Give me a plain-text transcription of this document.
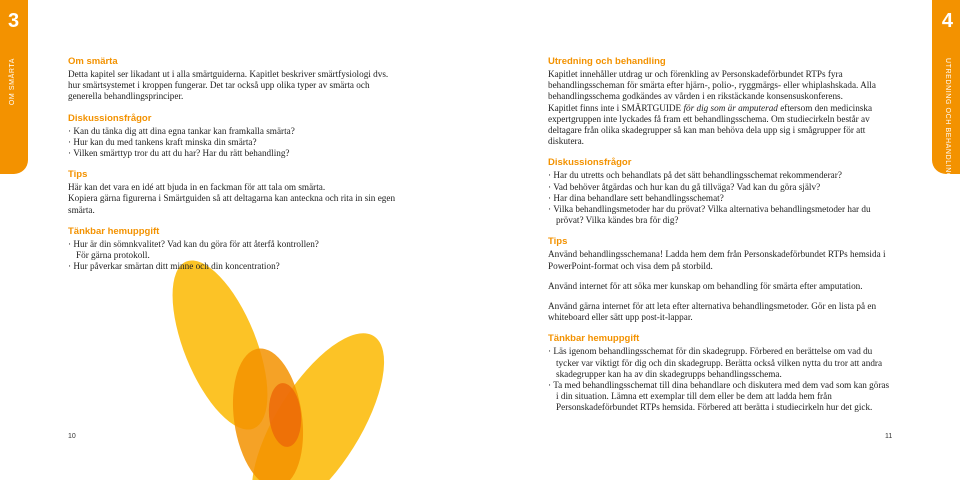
3
OM SMÄRTA
4
UTREDNING OCH BEHANDLING
Om smärta

Detta kapitel ser likadant ut i alla smärtguiderna. Kapitlet beskriver smärtfysiologi dvs. hur smärtsystemet i kroppen fungerar. Det tar också upp olika typer av smärta och generella behandlingsprinciper.

Diskussionsfrågor
· Kan du tänka dig att dina egna tankar kan framkalla smärta?
· Hur kan du med tankens kraft minska din smärta?
· Vilken smärttyp tror du att du har? Har du rätt behandling?
Tips

Här kan det vara en idé att bjuda in en fackman för att tala om smärta.

Kopiera gärna figurerna i Smärtguiden så att deltagarna kan anteckna och rita in sin egen smärta.

Tänkbar hemuppgift
· Hur är din sömnkvalitet? Vad kan du göra för att återfå kontrollen?
För gärna protokoll.
· Hur påverkar smärtan ditt minne och din koncentration?
Utredning och behandling

Kapitlet innehåller utdrag ur och förenkling av Personskadeförbundet RTPs fyra behandlingsscheman för smärta efter hjärn-, polio-, ryggmärgs- eller whiplashskada. Alla behandlingsschema godkändes av vården i en rikstäckande konsensuskonferens.

Kapitlet finns inte i SMÄRTGUIDE för dig som är amputerad eftersom den medicinska expertgruppen inte lyckades få fram ett behandlingsschema. Om studiecirkeln består av deltagare från olika skadegrupper så kan man behöva dela upp sig i smågrupper för att diskutera.

Diskussionsfrågor
· Har du utretts och behandlats på det sätt behandlingsschemat rekommenderar?
· Vad behöver åtgärdas och hur kan du gå tillväga? Vad kan du göra själv?
· Har dina behandlare sett behandlingsschemat?
· Vilka behandlingsmetoder har du prövat? Vilka alternativa behandlingsmetoder har du prövat? Vilka kändes bra för dig?
Tips

Använd behandlingsschemana! Ladda hem dem från Personskadeförbundet RTPs hemsida i PowerPoint-format och visa dem på storbild.

Använd internet för att söka mer kunskap om behandling för smärta efter amputation.

Använd gärna internet för att leta efter alternativa behandlingsmetoder. Gör en lista på en whiteboard eller sätt upp post-it-lappar.

Tänkbar hemuppgift
· Läs igenom behandlingsschemat för din skadegrupp. Förbered en berättelse om vad du tycker var viktigt för dig och din skadegrupp. Berätta också vilken nytta du tror att andra skadegrupper kan ha av din skadegrupps behandlingsschema.
· Ta med behandlingsschemat till dina behandlare och diskutera med dem vad som kan göras i din situation. Lämna ett exemplar till dem eller be dem att ladda hem från Personskadeförbundet RTPs hemsida. Förbered att berätta i studiecirkeln hur det gick.
10	11
